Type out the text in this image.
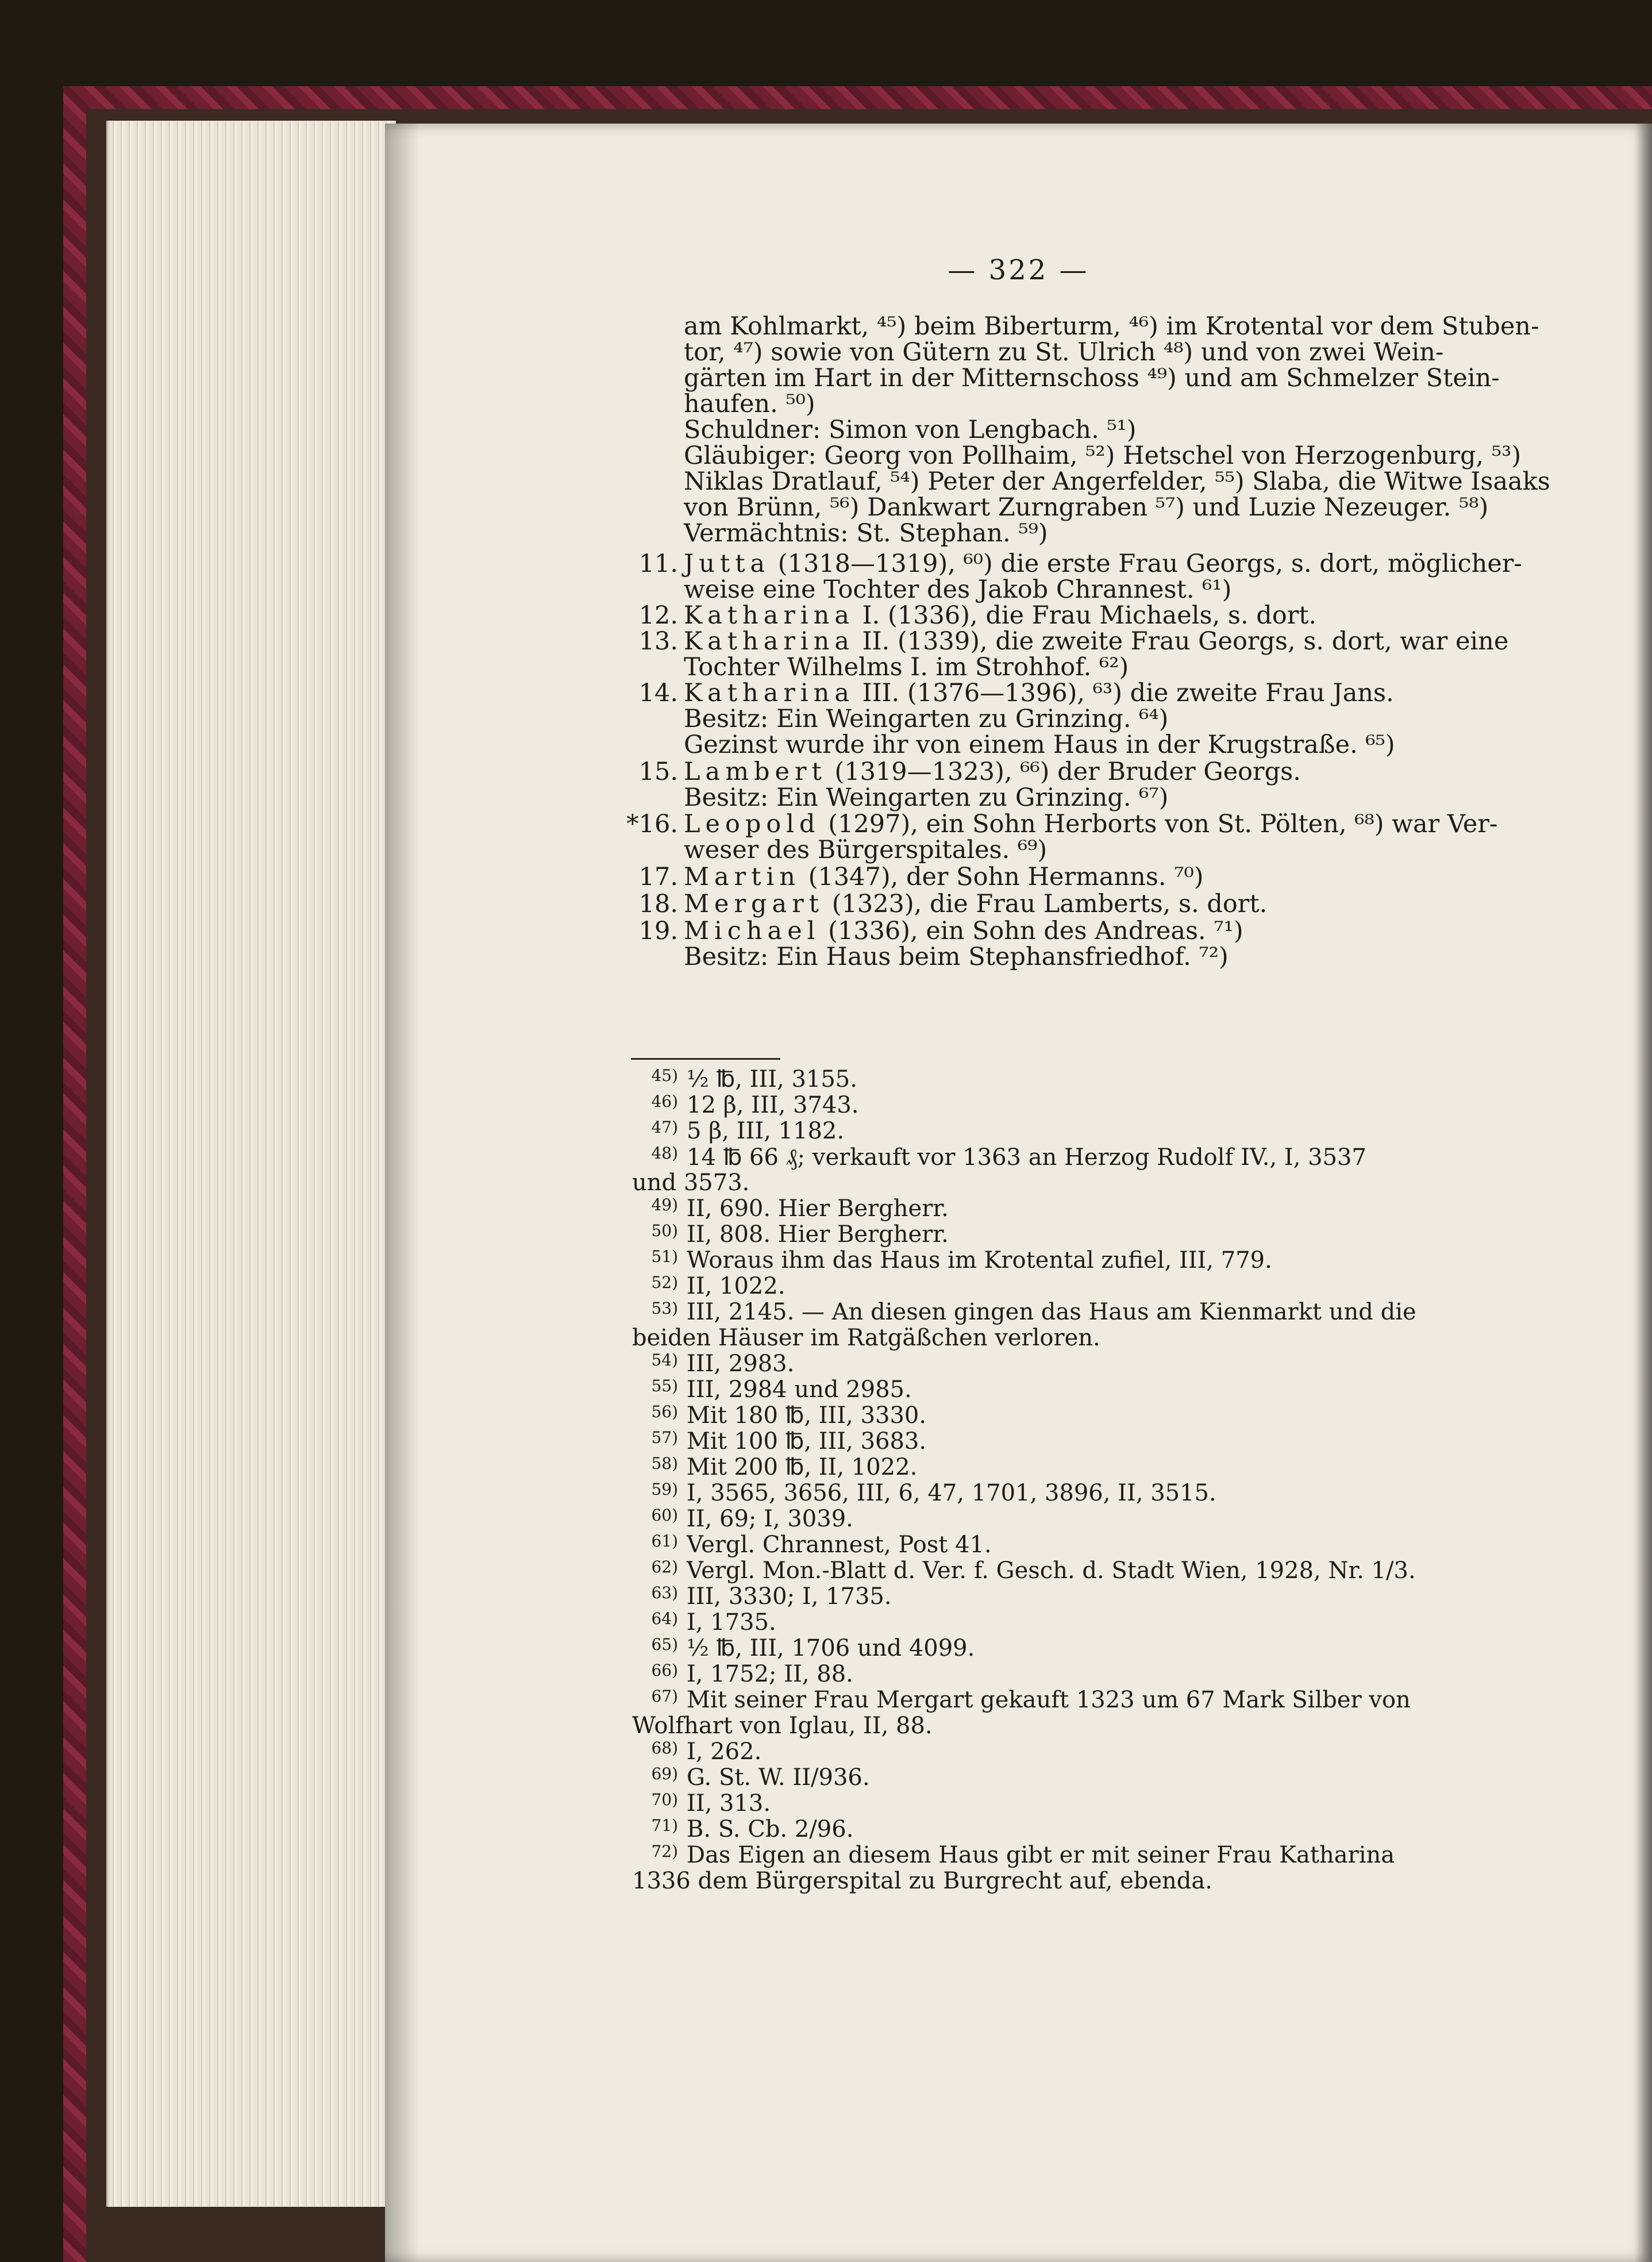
— 322 —
am Kohlmarkt, ⁴⁵) beim Biberturm, ⁴⁶) im Krotental vor dem Stuben-
tor, ⁴⁷) sowie von Gütern zu St. Ulrich ⁴⁸) und von zwei Wein-
gärten im Hart in der Mitternschoss ⁴⁹) und am Schmelzer Stein-
haufen. ⁵⁰)
Schuldner: Simon von Lengbach. ⁵¹)
Gläubiger: Georg von Pollhaim, ⁵²) Hetschel von Herzogenburg, ⁵³)
Niklas Dratlauf, ⁵⁴) Peter der Angerfelder, ⁵⁵) Slaba, die Witwe Isaaks
von Brünn, ⁵⁶) Dankwart Zurngraben ⁵⁷) und Luzie Nezeuger. ⁵⁸)
Vermächtnis: St. Stephan. ⁵⁹)
11. Jutta (1318—1319), ⁶⁰) die erste Frau Georgs, s. dort, möglicher-
weise eine Tochter des Jakob Chrannest. ⁶¹)
12. Katharina I. (1336), die Frau Michaels, s. dort.
13. Katharina II. (1339), die zweite Frau Georgs, s. dort, war eine
Tochter Wilhelms I. im Strohhof. ⁶²)
14. Katharina III. (1376—1396), ⁶³) die zweite Frau Jans.
Besitz: Ein Weingarten zu Grinzing. ⁶⁴)
Gezinst wurde ihr von einem Haus in der Krugstraße. ⁶⁵)
15. Lambert (1319—1323), ⁶⁶) der Bruder Georgs.
Besitz: Ein Weingarten zu Grinzing. ⁶⁷)
*16. Leopold (1297), ein Sohn Herborts von St. Pölten, ⁶⁸) war Ver-
weser des Bürgerspitales. ⁶⁹)
17. Martin (1347), der Sohn Hermanns. ⁷⁰)
18. Mergart (1323), die Frau Lamberts, s. dort.
19. Michael (1336), ein Sohn des Andreas. ⁷¹)
Besitz: Ein Haus beim Stephansfriedhof. ⁷²)
45) ½ ℔, III, 3155.
46) 12 β, III, 3743.
47) 5 β, III, 1182.
48) 14 ℔ 66 ₰; verkauft vor 1363 an Herzog Rudolf IV., I, 3537
und 3573.
49) II, 690. Hier Bergherr.
50) II, 808. Hier Bergherr.
51) Woraus ihm das Haus im Krotental zufiel, III, 779.
52) II, 1022.
53) III, 2145. — An diesen gingen das Haus am Kienmarkt und die
beiden Häuser im Ratgäßchen verloren.
54) III, 2983.
55) III, 2984 und 2985.
56) Mit 180 ℔, III, 3330.
57) Mit 100 ℔, III, 3683.
58) Mit 200 ℔, II, 1022.
59) I, 3565, 3656, III, 6, 47, 1701, 3896, II, 3515.
60) II, 69; I, 3039.
61) Vergl. Chrannest, Post 41.
62) Vergl. Mon.-Blatt d. Ver. f. Gesch. d. Stadt Wien, 1928, Nr. 1/3.
63) III, 3330; I, 1735.
64) I, 1735.
65) ½ ℔, III, 1706 und 4099.
66) I, 1752; II, 88.
67) Mit seiner Frau Mergart gekauft 1323 um 67 Mark Silber von
Wolfhart von Iglau, II, 88.
68) I, 262.
69) G. St. W. II/936.
70) II, 313.
71) B. S. Cb. 2/96.
72) Das Eigen an diesem Haus gibt er mit seiner Frau Katharina
1336 dem Bürgerspital zu Burgrecht auf, ebenda.
